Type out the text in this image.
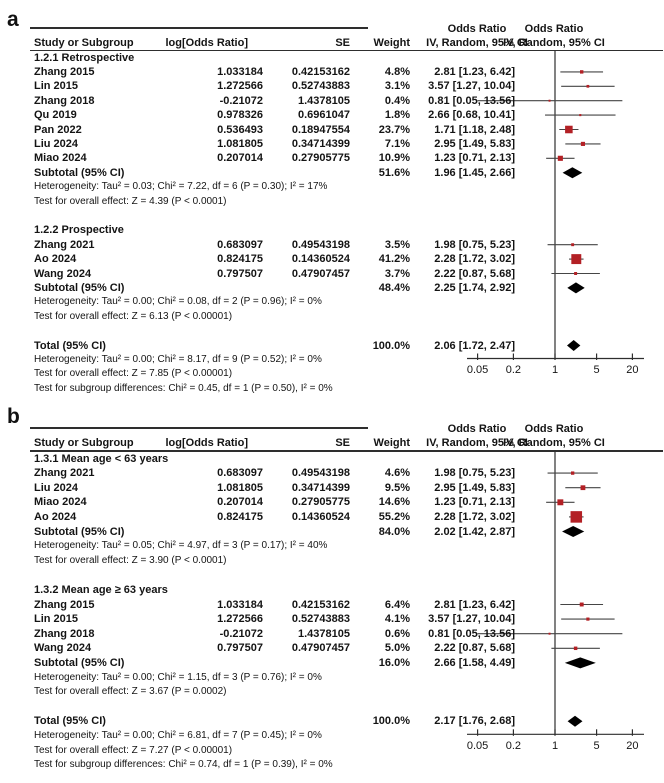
a
b
0.05 0.2	1	5 20
0.05 0.2	1	5 20
Odds Ratio	Odds Ratio
Study or Subgroup	log[Odds Ratio]	SE	Weight	IV, Random, 95% CI
IV, Random, 95% CI
1.2.1 Retrospective
Zhang 2015	1.033184	0.42153162	4.8%	2.81 [1.23, 6.42]
Lin 2015	1.272566	0.52743883	3.1%	3.57 [1.27, 10.04]
Zhang 2018	-0.21072	1.4378105	0.4%	0.81 [0.05, 13.56]
Qu 2019	0.978326	0.6961047	1.8%	2.66 [0.68, 10.41]
Pan 2022	0.536493	0.18947554	23.7%	1.71 [1.18, 2.48]
Liu 2024	1.081805	0.34714399	7.1%	2.95 [1.49, 5.83]
Miao 2024	0.207014	0.27905775	10.9%	1.23 [0.71, 2.13]
Subtotal (95% CI)	51.6%	1.96 [1.45, 2.66]
Heterogeneity: Tau² = 0.03; Chi² = 7.22, df = 6 (P = 0.30); I² = 17%
Test for overall effect: Z = 4.39 (P < 0.0001)
1.2.2 Prospective
Zhang 2021	0.683097	0.49543198	3.5%	1.98 [0.75, 5.23]
Ao 2024	0.824175	0.14360524	41.2%	2.28 [1.72, 3.02]
Wang 2024	0.797507	0.47907457	3.7%	2.22 [0.87, 5.68]
Subtotal (95% CI)	48.4%	2.25 [1.74, 2.92]
Heterogeneity: Tau² = 0.00; Chi² = 0.08, df = 2 (P = 0.96); I² = 0%
Test for overall effect: Z = 6.13 (P < 0.00001)
Total (95% CI)	100.0%	2.06 [1.72, 2.47]
Heterogeneity: Tau² = 0.00; Chi² = 8.17, df = 9 (P = 0.52); I² = 0%
Test for overall effect: Z = 7.85 (P < 0.00001)
Test for subgroup differences: Chi² = 0.45, df = 1 (P = 0.50), I² = 0%
Odds Ratio	Odds Ratio
Study or Subgroup	log[Odds Ratio]	SE	Weight	IV, Random, 95% CI
IV, Random, 95% CI
1.3.1 Mean age < 63 years
Zhang 2021	0.683097	0.49543198	4.6%	1.98 [0.75, 5.23]
Liu 2024	1.081805	0.34714399	9.5%	2.95 [1.49, 5.83]
Miao 2024	0.207014	0.27905775	14.6%	1.23 [0.71, 2.13]
Ao 2024	0.824175	0.14360524	55.2%	2.28 [1.72, 3.02]
Subtotal (95% CI)	84.0%	2.02 [1.42, 2.87]
Heterogeneity: Tau² = 0.05; Chi² = 4.97, df = 3 (P = 0.17); I² = 40%
Test for overall effect: Z = 3.90 (P < 0.0001)
1.3.2 Mean age ≥ 63 years
Zhang 2015	1.033184	0.42153162	6.4%	2.81 [1.23, 6.42]
Lin 2015	1.272566	0.52743883	4.1%	3.57 [1.27, 10.04]
Zhang 2018	-0.21072	1.4378105	0.6%	0.81 [0.05, 13.56]
Wang 2024	0.797507	0.47907457	5.0%	2.22 [0.87, 5.68]
Subtotal (95% CI)	16.0%	2.66 [1.58, 4.49]
Heterogeneity: Tau² = 0.00; Chi² = 1.15, df = 3 (P = 0.76); I² = 0%
Test for overall effect: Z = 3.67 (P = 0.0002)
Total (95% CI)	100.0%	2.17 [1.76, 2.68]
Heterogeneity: Tau² = 0.00; Chi² = 6.81, df = 7 (P = 0.45); I² = 0%
Test for overall effect: Z = 7.27 (P < 0.00001)
Test for subgroup differences: Chi² = 0.74, df = 1 (P = 0.39), I² = 0%
